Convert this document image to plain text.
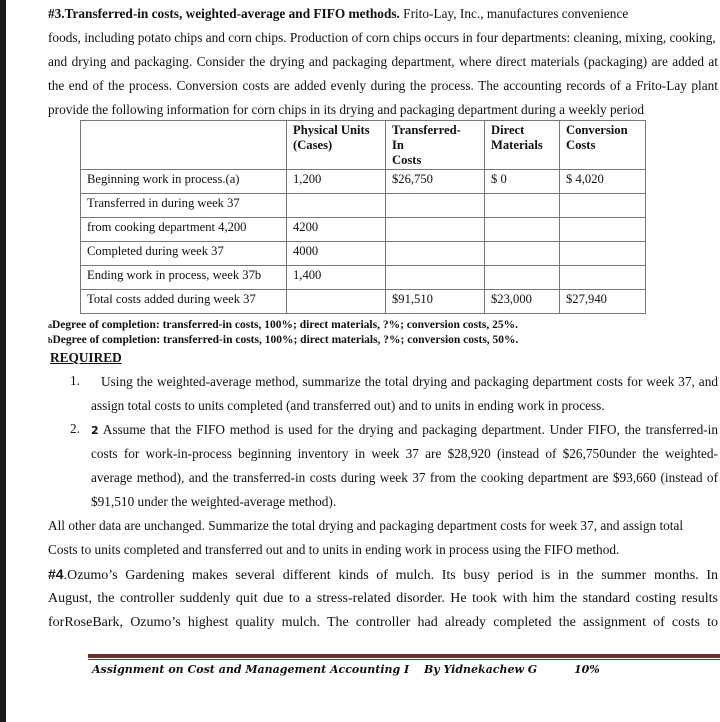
#3.Transferred-in costs, weighted-average and FIFO methods. Frito-Lay, Inc., manufactures convenience
foods, including potato chips and corn chips. Production of corn chips occurs in four departments: cleaning, mixing, cooking,
and drying and packaging. Consider the drying and packaging department, where direct materials (packaging) are added at
the end of the process. Conversion costs are added evenly during the process. The accounting records of a Frito-Lay plant
provide the following information for corn chips in its drying and packaging department during a weekly period
	Physical Units
(Cases)	Transferred-
In
Costs	Direct
Materials	Conversion
Costs
Beginning work in process.(a)	1,200	$26,750	$ 0	$ 4,020
Transferred in during week 37				
from cooking department 4,200	4200			
Completed during week 37	4000			
Ending work in process, week 37b	1,400			
Total costs added during week 37		$91,510	$23,000	$27,940
aDegree of completion: transferred-in costs, 100%; direct materials, ?%; conversion costs, 25%.
bDegree of completion: transferred-in costs, 100%; direct materials, ?%; conversion costs, 50%.
REQUIRED
1. Using the weighted-average method, summarize the total drying and packaging department costs for week 37, and
assign total costs to units completed (and transferred out) and to units in ending work in process.
2. 2 Assume that the FIFO method is used for the drying and packaging department. Under FIFO, the transferred-in
costs for work-in-process beginning inventory in week 37 are $28,920 (instead of $26,750under the weighted-
average method), and the transferred-in costs during week 37 from the cooking department are $93,660 (instead of
$91,510 under the weighted-average method).
All other data are unchanged. Summarize the total drying and packaging department costs for week 37, and assign total
Costs to units completed and transferred out and to units in ending work in process using the FIFO method.
#4.Ozumo’s Gardening makes several different kinds of mulch. Its busy period is in the summer months. In
August, the controller suddenly quit due to a stress-related disorder. He took with him the standard costing results
forRoseBark, Ozumo’s highest quality mulch. The controller had already completed the assignment of costs to
Assignment on Cost and Management Accounting I By Yidnekachew G	10%
